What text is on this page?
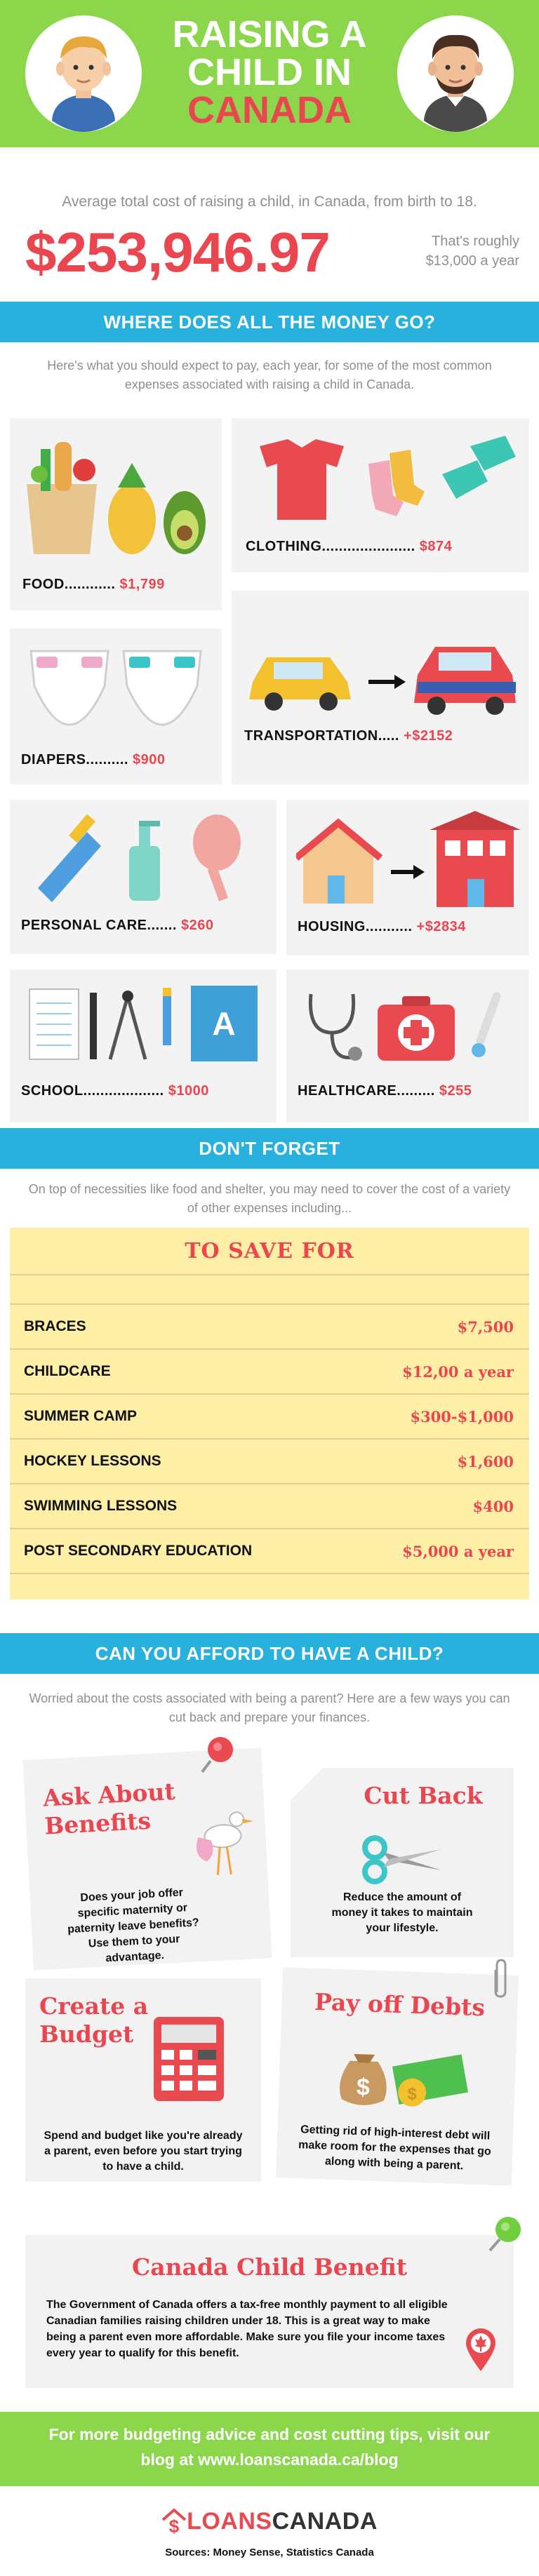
RAISING A
CHILD IN
CANADA
Average total cost of raising a child, in Canada, from birth to 18.
$253,946.97	That's roughly
$13,000 a year
WHERE DOES ALL THE MONEY GO?
Here's what you should expect to pay, each year, for some of the most common expenses associated with raising a child in Canada.
FOOD............ $1,799
CLOTHING...................... $874
DIAPERS.......... $900
TRANSPORTATION..... +$2152
PERSONAL CARE....... $260	HOUSING........... +$2834
A
SCHOOL................... $1000	HEALTHCARE......... $255
DON'T FORGET
On top of necessities like food and shelter, you may need to cover the cost of a variety of other expenses including...
TO SAVE FOR
BRACES	$7,500
CHILDCARE	$12,00 a year
SUMMER CAMP	$300-$1,000
HOCKEY LESSONS	$1,600
SWIMMING LESSONS	$400
POST SECONDARY EDUCATION	$5,000 a year
CAN YOU AFFORD TO HAVE A CHILD?
Worried about the costs associated with being a parent? Here are a few ways you can cut back and prepare your finances.
Ask About
Benefits
Does your job offer specific maternity or paternity leave benefits? Use them to your advantage.
Cut Back
Reduce the amount of money it takes to maintain your lifestyle.
Create a
Budget
Spend and budget like you're already a parent, even before you start trying to have a child.
Pay off Debts
$ $
Getting rid of high-interest debt will make room for the expenses that go along with being a parent.
Canada Child Benefit
The Government of Canada offers a tax-free monthly payment to all eligible Canadian families raising children under 18. This is a great way to make being a parent even more affordable. Make sure you file your income taxes every year to qualify for this benefit.
For more budgeting advice and cost cutting tips, visit our
blog at www.loanscanada.ca/blog
$ LOANS CANADA
Sources: Money Sense, Statistics Canada
